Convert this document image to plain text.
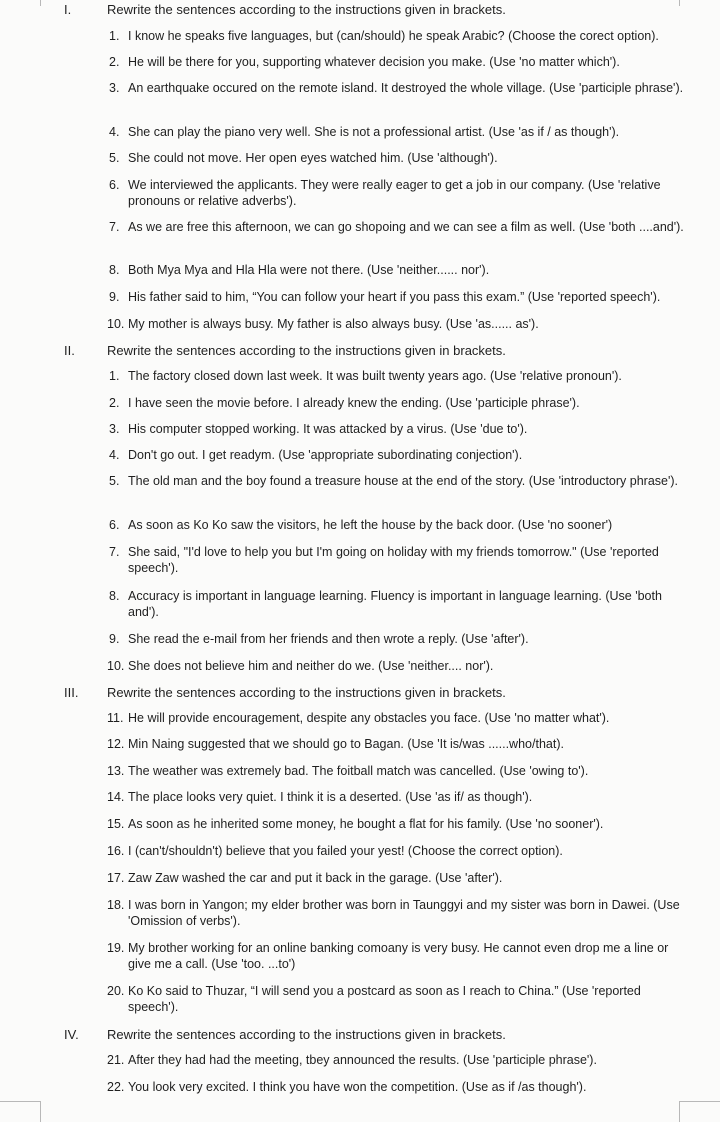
I.	Rewrite the sentences according to the instructions given in brackets.
II. Rewrite the sentences according to the instructions given in brackets.
III. Rewrite the sentences according to the instructions given in brackets.
IV. Rewrite the sentences according to the instructions given in brackets.
1. I know he speaks five languages, but (can/should) he speak Arabic? (Choose the corect option).
2. He will be there for you, supporting whatever decision you make. (Use 'no matter which').
3. An earthquake occured on the remote island. It destroyed the whole village. (Use 'participle phrase').
4. She can play the piano very well. She is not a professional artist. (Use 'as if / as though').
5. She could not move. Her open eyes watched him. (Use 'although').
6. We interviewed the applicants. They were really eager to get a job in our company. (Use 'relative pronouns or relative adverbs').
7. As we are free this afternoon, we can go shopoing and we can see a film as well. (Use 'both ....and').
8. Both Mya Mya and Hla Hla were not there. (Use 'neither...... nor').
9. His father said to him, “You can follow your heart if you pass this exam.” (Use 'reported speech').
10. My mother is always busy. My father is also always busy. (Use 'as...... as').
1. The factory closed down last week. It was built twenty years ago. (Use 'relative pronoun').
2. I have seen the movie before. I already knew the ending. (Use 'participle phrase').
3. His computer stopped working. It was attacked by a virus. (Use 'due to').
4. Don't go out. I get readym. (Use 'appropriate subordinating conjection').
5. The old man and the boy found a treasure house at the end of the story. (Use 'introductory phrase').
6. As soon as Ko Ko saw the visitors, he left the house by the back door. (Use 'no sooner')
7. She said, "I'd love to help you but I'm going on holiday with my friends tomorrow." (Use 'reported speech').
8. Accuracy is important in language learning. Fluency is important in language learning. (Use 'both and').
9. She read the e-mail from her friends and then wrote a reply. (Use 'after').
10. She does not believe him and neither do we. (Use 'neither.... nor').
11. He will provide encouragement, despite any obstacles you face. (Use 'no matter what').
12. Min Naing suggested that we should go to Bagan. (Use 'It is/was ......who/that).
13. The weather was extremely bad. The foitball match was cancelled. (Use 'owing to').
14. The place looks very quiet. I think it is a deserted. (Use 'as if/ as though').
15. As soon as he inherited some money, he bought a flat for his family. (Use 'no sooner').
16. I (can't/shouldn't) believe that you failed your yest! (Choose the correct option).
17. Zaw Zaw washed the car and put it back in the garage. (Use 'after').
18. I was born in Yangon; my elder brother was born in Taunggyi and my sister was born in Dawei. (Use 'Omission of verbs').
19. My brother working for an online banking comoany is very busy. He cannot even drop me a line or give me a call. (Use 'too. ...to')
20. Ko Ko said to Thuzar, “I will send you a postcard as soon as I reach to China.” (Use 'reported speech').
21. After they had had the meeting, tbey announced the results. (Use 'participle phrase').
22. You look very excited. I think you have won the competition. (Use as if /as though').
